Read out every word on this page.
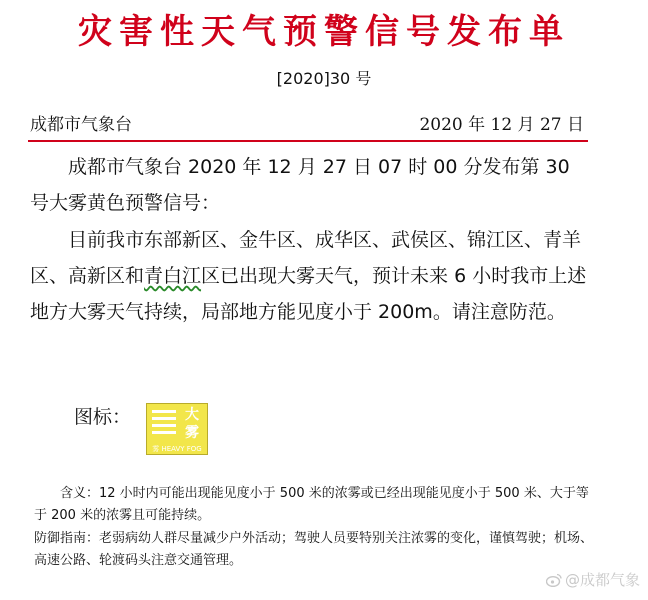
灾害性天气预警信号发布单
[2020]30 号
成都市气象台	2020 年 12 月 27 日
成都市气象台 2020 年 12 月 27 日 07 时 00 分发布第 30 号大雾黄色预警信号：
目前我市东部新区、金牛区、成华区、武侯区、锦江区、青羊区、高新区和青白江区已出现大雾天气，预计未来 6 小时我市上述地方大雾天气持续，局部地方能见度小于 200m。请注意防范。
图标：	大
雾
雾 HEAVY FOG
含义：12 小时内可能出现能见度小于 500 米的浓雾或已经出现能见度小于 500 米、大于等于 200 米的浓雾且可能持续。
防御指南：老弱病幼人群尽量减少户外活动；驾驶人员要特别关注浓雾的变化，谨慎驾驶；机场、高速公路、轮渡码头注意交通管理。
@成都气象
